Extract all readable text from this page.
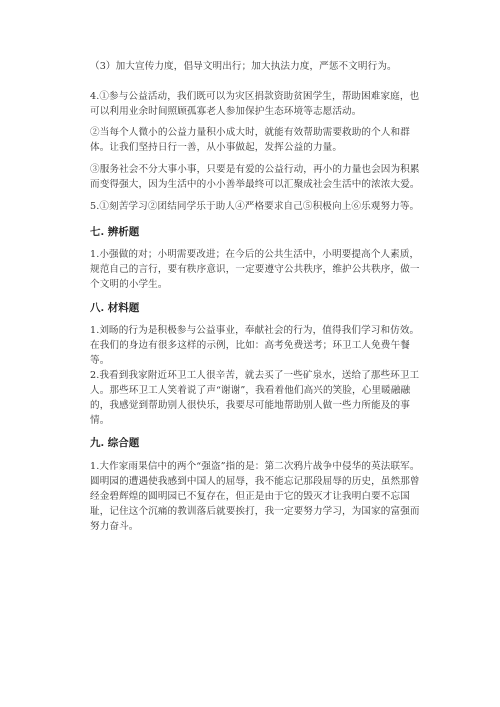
（3）加大宣传力度，倡导文明出行；加大执法力度，严惩不文明行为。

4.①参与公益活动，我们既可以为灾区捐款资助贫困学生，帮助困难家庭，也可以利用业余时间照顾孤寡老人参加保护生态环境等志愿活动。

②当每个人微小的公益力量积小成大时，就能有效帮助需要救助的个人和群体。让我们坚持日行一善，从小事做起，发挥公益的力量。

③服务社会不分大事小事，只要是有爱的公益行动，再小的力量也会因为积累而变得强大，因为生活中的小小善举最终可以汇聚成社会生活中的浓浓大爱。

5.①刻苦学习②团结同学乐于助人④严格要求自己⑤积极向上⑥乐观努力等。

七. 辨析题

1.小强做的对；小明需要改进；在今后的公共生活中，小明要提高个人素质，规范自己的言行，要有秩序意识，一定要遵守公共秩序，维护公共秩序，做一个文明的小学生。

八. 材料题

1.刘旸的行为是积极参与公益事业，奉献社会的行为，值得我们学习和仿效。在我们的身边有很多这样的示例，比如：高考免费送考；环卫工人免费午餐等。

2.我看到我家附近环卫工人很辛苦，就去买了一些矿泉水，送给了那些环卫工人。那些环卫工人笑着说了声“谢谢”，我看着他们高兴的笑脸，心里暖融融的，我感觉到帮助别人很快乐，我要尽可能地帮助别人做一些力所能及的事情。

九. 综合题

1.大作家雨果信中的两个“强盗”指的是：第二次鸦片战争中侵华的英法联军。圆明园的遭遇使我感到中国人的屈辱，我不能忘记那段屈辱的历史，虽然那曾经金碧辉煌的圆明园已不复存在，但正是由于它的毁灭才让我明白要不忘国耻，记住这个沉痛的教训落后就要挨打，我一定要努力学习，为国家的富强而努力奋斗。
